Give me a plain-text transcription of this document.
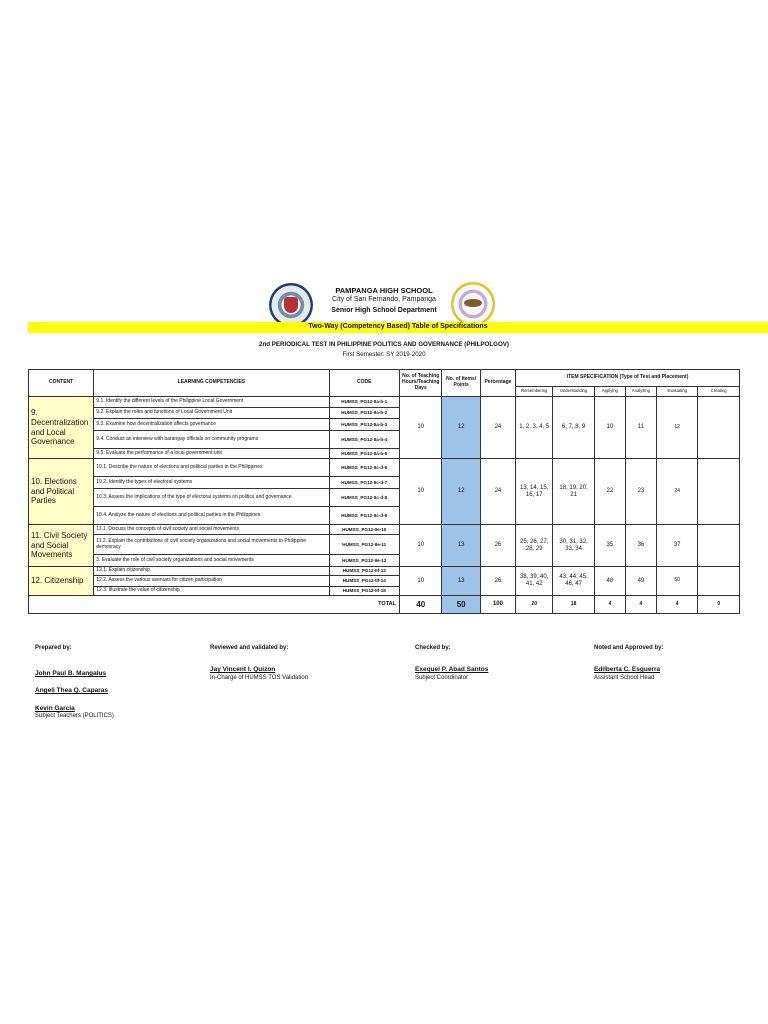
PAMPANGA HIGH SCHOOL
City of San Fernando, Pampanga
Senior High School Department
Two-Way (Competency Based) Table of Specifications
2nd PERIODICAL TEST IN PHILIPPINE POLITICS AND GOVERNANCE (PHILPOLGOV)
First Semester: SY 2019-2020
CONTENT	LEARNING COMPETENCIES	CODE	No. of Teaching Hours/Teaching Days	No. of Items/ Points	Percentage	ITEM SPECIFICATION (Type of Test and Placement)					
						Remembering	Understanding	Applying	Analyzing	Evaluating	Creating
9. Decentralization and Local Governance	9.1. Identify the different levels of the Philippine Local Government	HUMSS_PG12-IIa-b-1	10	12	24	1, 2, 3, 4, 5	6, 7, 8, 9	10	11	12	
	9.2. Explain the roles and functions of Local Government Unit	HUMSS_PG12-IIa-b-2									
	9.3. Examine how decentralization affects governance	HUMSS_PG12-IIa-b-3									
	9.4. Conduct an interview with barangay officials on community programs	HUMSS_PG12-IIa-b-4									
	9.5. Evaluate the performance of a local government unit	HUMSS_PG12-IIa-b-5									
10. Elections and Political Parties	10.1. Describe the nature of elections and political parties in the Philippines	HUMSS_PG12-IIc-d-6	10	12	24	13, 14, 15, 16, 17	18, 19, 20, 21	22	23	24	
	10.2. Identify the types of electoral systems	HUMSS_PG12-IIc-d-7									
	10.3. Assess the implications of the type of electoral systems on politics and governance	HUMSS_PG12-IIc-d-8									
	10.4. Analyze the nature of elections and political parties in the Philippines	HUMSS_PG12-IIc-d-9									
11. Civil Society and Social Movements	11.1. Discuss the concepts of civil society and social movements	HUMSS_PG12-IIe-10	10	13	26	25, 26, 27, 28, 29	30, 31, 32, 33, 34	35	36	37	
	11.2. Explain the contributions of civil society organizations and social movements to Philippine democracy	HUMSS_PG12-IIe-11									
	3. Evaluate the role of civil society organizations and social movements	HUMSS_PG12-IIe-12									
12. Citizenship	12.1. Explain citizenship	HUMSS_PG12-IIf-13	10	13	26	38, 39, 40, 41, 42	43, 44, 45, 46, 47	48	49	50	
	12.2. Assess the various avenues for citizen participation	HUMSS_PG12-IIf-14									
	12.3. Illustrate the value of citizenship	HUMSS_PG12-IIf-15									
TOTAL			40	50	100	20	18	4	4	4	0
Prepared by:
John Paul B. Mangalus
Angeli Thea Q. Caparas
Kevin Garcia
Subject Teachers (POLITICS)
Reviewed and validated by:
Jay Vincent I. Quizon
In-Charge of HUMSS TOS Validation
Checked by:
Exequel P. Abad Santos
Subject Coordinator
Noted and Approved by:
Edilberta C. Esguerra
Assistant School Head
